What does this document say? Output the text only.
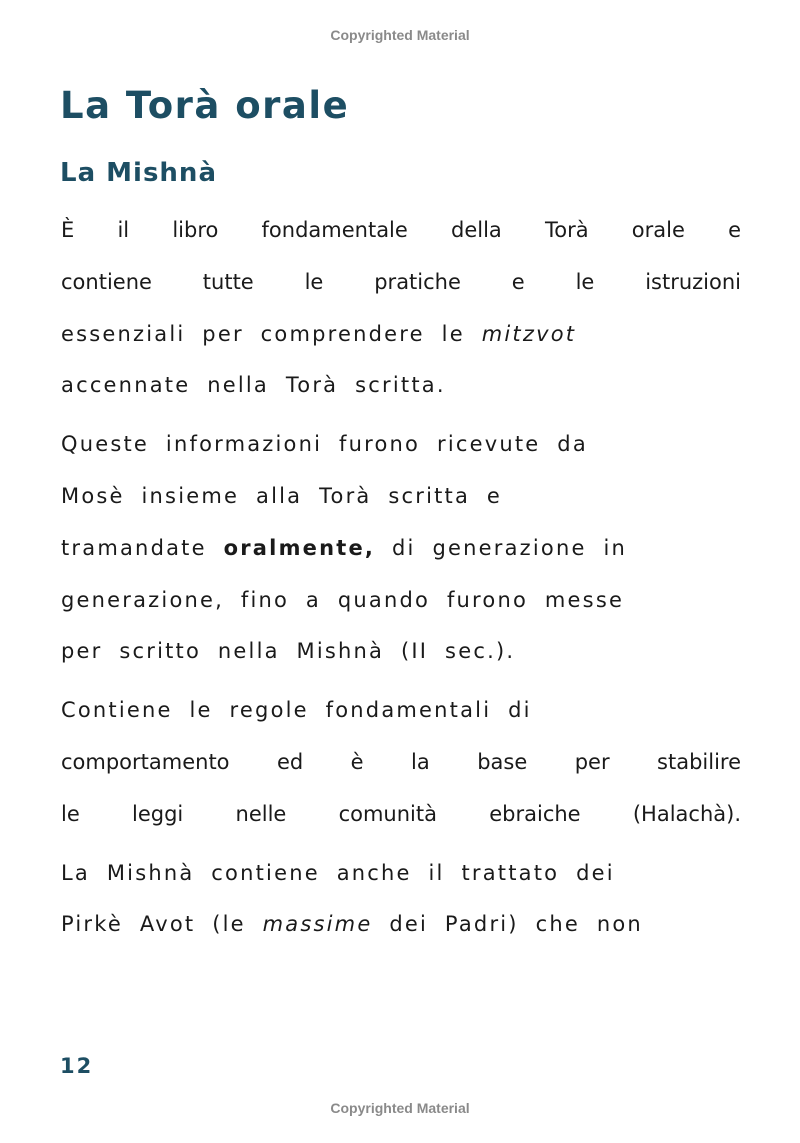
Copyrighted Material
La Torà orale
La Mishnà
È il libro fondamentale della Torà orale e
contiene tutte le pratiche e le istruzioni
essenziali per comprendere le mitzvot
accennate nella Torà scritta.
Queste informazioni furono ricevute da
Mosè insieme alla Torà scritta e
tramandate oralmente, di generazione in
generazione, fino a quando furono messe
per scritto nella Mishnà (II sec.).
Contiene le regole fondamentali di
comportamento ed è la base per stabilire
le leggi nelle comunità ebraiche (Halachà).
La Mishnà contiene anche il trattato dei
Pirkè Avot (le massime dei Padri) che non
12
Copyrighted Material
